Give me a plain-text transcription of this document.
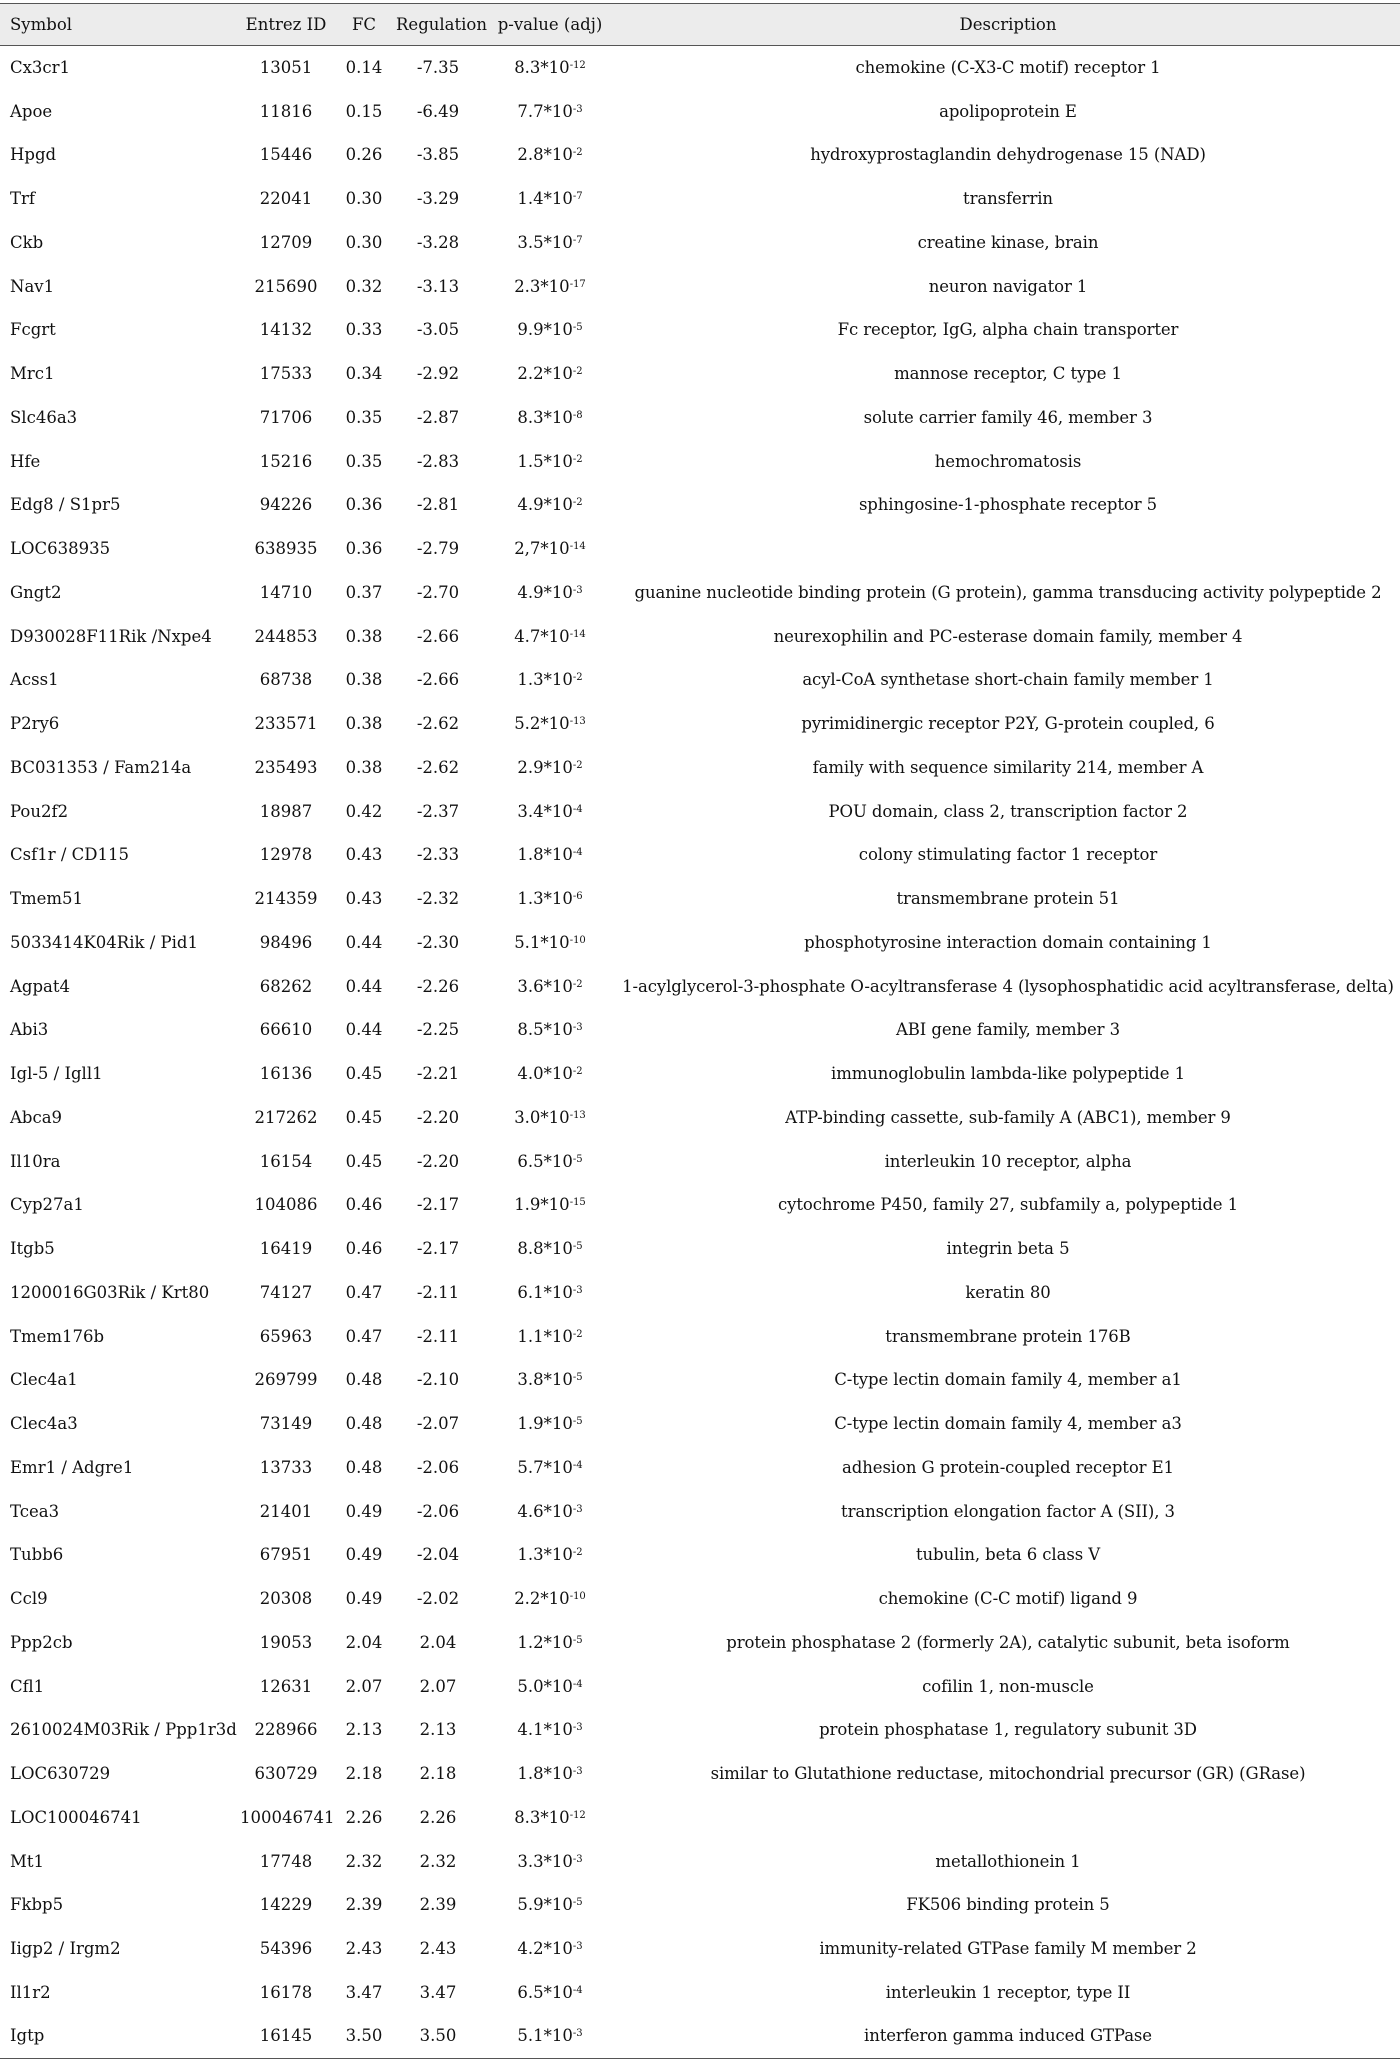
Symbol	Entrez ID	FC	Regulation	p-value (adj)	Description
Cx3cr1	13051	0.14	-7.35	$8.3*10^{-12}$	chemokine (C-X3-C motif) receptor 1
Apoe	11816	0.15	-6.49	$7.7*10^{-3}$	apolipoprotein E
Hpgd	15446	0.26	-3.85	$2.8*10^{-2}$	hydroxyprostaglandin dehydrogenase 15 (NAD)
Trf	22041	0.30	-3.29	$1.4*10^{-7}$	transferrin
Ckb	12709	0.30	-3.28	$3.5*10^{-7}$	creatine kinase, brain
Nav1	215690	0.32	-3.13	$2.3*10^{-17}$	neuron navigator 1
Fcgrt	14132	0.33	-3.05	$9.9*10^{-5}$	Fc receptor, IgG, alpha chain transporter
Mrc1	17533	0.34	-2.92	$2.2*10^{-2}$	mannose receptor, C type 1
Slc46a3	71706	0.35	-2.87	$8.3*10^{-8}$	solute carrier family 46, member 3
Hfe	15216	0.35	-2.83	$1.5*10^{-2}$	hemochromatosis
Edg8 / S1pr5	94226	0.36	-2.81	$4.9*10^{-2}$	sphingosine-1-phosphate receptor 5
LOC638935	638935	0.36	-2.79	$2,7*10^{-14}$	
Gngt2	14710	0.37	-2.70	$4.9*10^{-3}$	guanine nucleotide binding protein (G protein), gamma transducing activity polypeptide 2
D930028F11Rik /Nxpe4	244853	0.38	-2.66	$4.7*10^{-14}$	neurexophilin and PC-esterase domain family, member 4
Acss1	68738	0.38	-2.66	$1.3*10^{-2}$	acyl-CoA synthetase short-chain family member 1
P2ry6	233571	0.38	-2.62	$5.2*10^{-13}$	pyrimidinergic receptor P2Y, G-protein coupled, 6
BC031353 / Fam214a	235493	0.38	-2.62	$2.9*10^{-2}$	family with sequence similarity 214, member A
Pou2f2	18987	0.42	-2.37	$3.4*10^{-4}$	POU domain, class 2, transcription factor 2
Csf1r / CD115	12978	0.43	-2.33	$1.8*10^{-4}$	colony stimulating factor 1 receptor
Tmem51	214359	0.43	-2.32	$1.3*10^{-6}$	transmembrane protein 51
5033414K04Rik / Pid1	98496	0.44	-2.30	$5.1*10^{-10}$	phosphotyrosine interaction domain containing 1
Agpat4	68262	0.44	-2.26	$3.6*10^{-2}$	1-acylglycerol-3-phosphate O-acyltransferase 4 (lysophosphatidic acid acyltransferase, delta)
Abi3	66610	0.44	-2.25	$8.5*10^{-3}$	ABI gene family, member 3
Igl-5 / Igll1	16136	0.45	-2.21	$4.0*10^{-2}$	immunoglobulin lambda-like polypeptide 1
Abca9	217262	0.45	-2.20	$3.0*10^{-13}$	ATP-binding cassette, sub-family A (ABC1), member 9
Il10ra	16154	0.45	-2.20	$6.5*10^{-5}$	interleukin 10 receptor, alpha
Cyp27a1	104086	0.46	-2.17	$1.9*10^{-15}$	cytochrome P450, family 27, subfamily a, polypeptide 1
Itgb5	16419	0.46	-2.17	$8.8*10^{-5}$	integrin beta 5
1200016G03Rik / Krt80	74127	0.47	-2.11	$6.1*10^{-3}$	keratin 80
Tmem176b	65963	0.47	-2.11	$1.1*10^{-2}$	transmembrane protein 176B
Clec4a1	269799	0.48	-2.10	$3.8*10^{-5}$	C-type lectin domain family 4, member a1
Clec4a3	73149	0.48	-2.07	$1.9*10^{-5}$	C-type lectin domain family 4, member a3
Emr1 / Adgre1	13733	0.48	-2.06	$5.7*10^{-4}$	adhesion G protein-coupled receptor E1
Tcea3	21401	0.49	-2.06	$4.6*10^{-3}$	transcription elongation factor A (SII), 3
Tubb6	67951	0.49	-2.04	$1.3*10^{-2}$	tubulin, beta 6 class V
Ccl9	20308	0.49	-2.02	$2.2*10^{-10}$	chemokine (C-C motif) ligand 9
Ppp2cb	19053	2.04	2.04	$1.2*10^{-5}$	protein phosphatase 2 (formerly 2A), catalytic subunit, beta isoform
Cfl1	12631	2.07	2.07	$5.0*10^{-4}$	cofilin 1, non-muscle
2610024M03Rik / Ppp1r3d	228966	2.13	2.13	$4.1*10^{-3}$	protein phosphatase 1, regulatory subunit 3D
LOC630729	630729	2.18	2.18	$1.8*10^{-3}$	similar to Glutathione reductase, mitochondrial precursor (GR) (GRase)
LOC100046741	100046741	2.26	2.26	$8.3*10^{-12}$	
Mt1	17748	2.32	2.32	$3.3*10^{-3}$	metallothionein 1
Fkbp5	14229	2.39	2.39	$5.9*10^{-5}$	FK506 binding protein 5
Iigp2 / Irgm2	54396	2.43	2.43	$4.2*10^{-3}$	immunity-related GTPase family M member 2
Il1r2	16178	3.47	3.47	$6.5*10^{-4}$	interleukin 1 receptor, type II
Igtp	16145	3.50	3.50	$5.1*10^{-3}$	interferon gamma induced GTPase
